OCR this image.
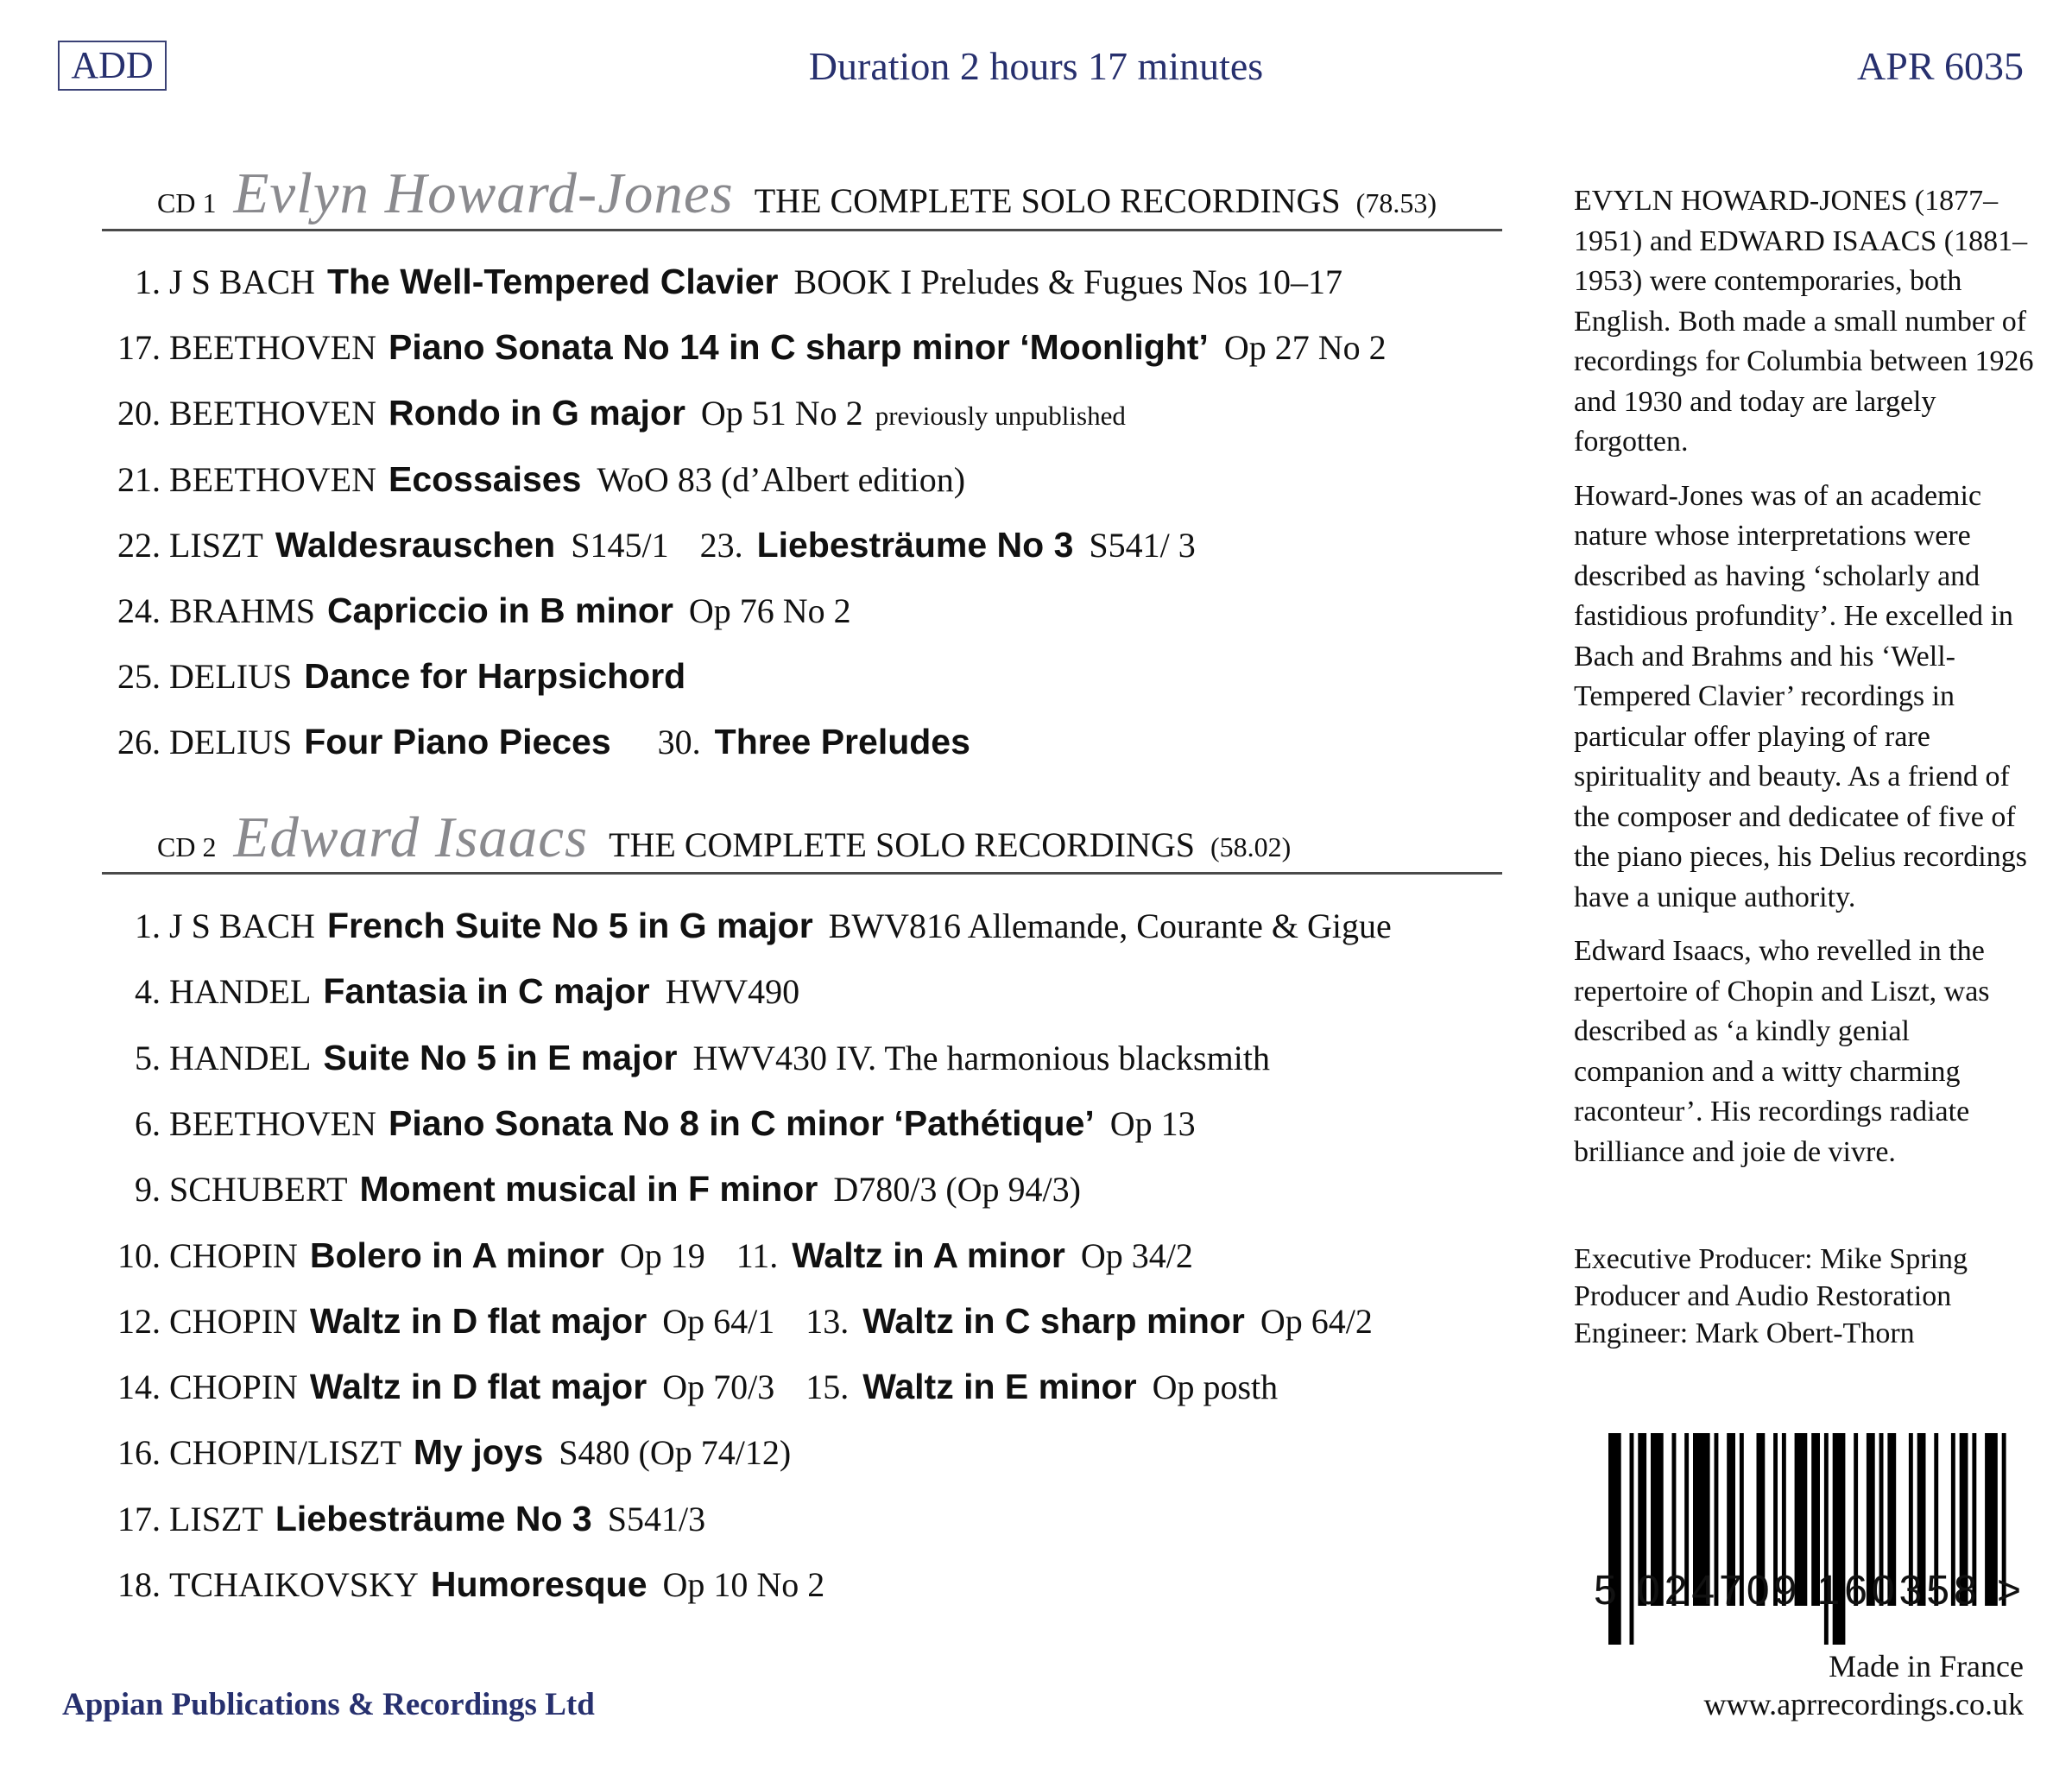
ADD	Duration 2 hours 17 minutes	APR 6035
CD 1 Evlyn Howard-Jones THE COMPLETE SOLO RECORDINGS (78.53)
1. J S BACH The Well-Tempered Clavier BOOK I Preludes & Fugues Nos 10–17
17. BEETHOVEN Piano Sonata No 14 in C sharp minor ‘Moonlight’ Op 27 No 2
20. BEETHOVEN Rondo in G major Op 51 No 2 previously unpublished
21. BEETHOVEN Ecossaises WoO 83 (d’Albert edition)
22. LISZT Waldesrauschen S145/1 23. Liebesträume No 3 S541/ 3
24. BRAHMS Capriccio in B minor Op 76 No 2
25. DELIUS Dance for Harpsichord
26. DELIUS Four Piano Pieces 30. Three Preludes
CD 2 Edward Isaacs THE COMPLETE SOLO RECORDINGS (58.02)
1. J S BACH French Suite No 5 in G major BWV816 Allemande, Courante & Gigue
4. HANDEL Fantasia in C major HWV490
5. HANDEL Suite No 5 in E major HWV430 IV. The harmonious blacksmith
6. BEETHOVEN Piano Sonata No 8 in C minor ‘Pathétique’ Op 13
9. SCHUBERT Moment musical in F minor D780/3 (Op 94/3)
10. CHOPIN Bolero in A minor Op 19 11. Waltz in A minor Op 34/2
12. CHOPIN Waltz in D flat major Op 64/1 13. Waltz in C sharp minor Op 64/2
14. CHOPIN Waltz in D flat major Op 70/3 15. Waltz in E minor Op posth
16. CHOPIN/LISZT My joys S480 (Op 74/12)
17. LISZT Liebesträume No 3 S541/3
18. TCHAIKOVSKY Humoresque Op 10 No 2

EVYLN HOWARD-JONES (1877–1951) and EDWARD ISAACS (1881–1953) were contemporaries, both English. Both made a small number of recordings for Columbia between 1926 and 1930 and today are largely forgotten.

Howard-Jones was of an academic nature whose interpretations were described as having ‘scholarly and fastidious profundity’. He excelled in Bach and Brahms and his ‘Well-Tempered Clavier’ recordings in particular offer playing of rare spirituality and beauty. As a friend of the composer and dedicatee of five of the piano pieces, his Delius recordings have a unique authority.

Edward Isaacs, who revelled in the repertoire of Chopin and Liszt, was described as ‘a kindly genial companion and a witty charming raconteur’. His recordings radiate brilliance and joie de vivre.

Executive Producer: Mike Spring
Producer and Audio Restoration
Engineer: Mark Obert-Thorn
5 024709 160358 >
Made in France
www.aprrecordings.co.uk
Appian Publications & Recordings Ltd
